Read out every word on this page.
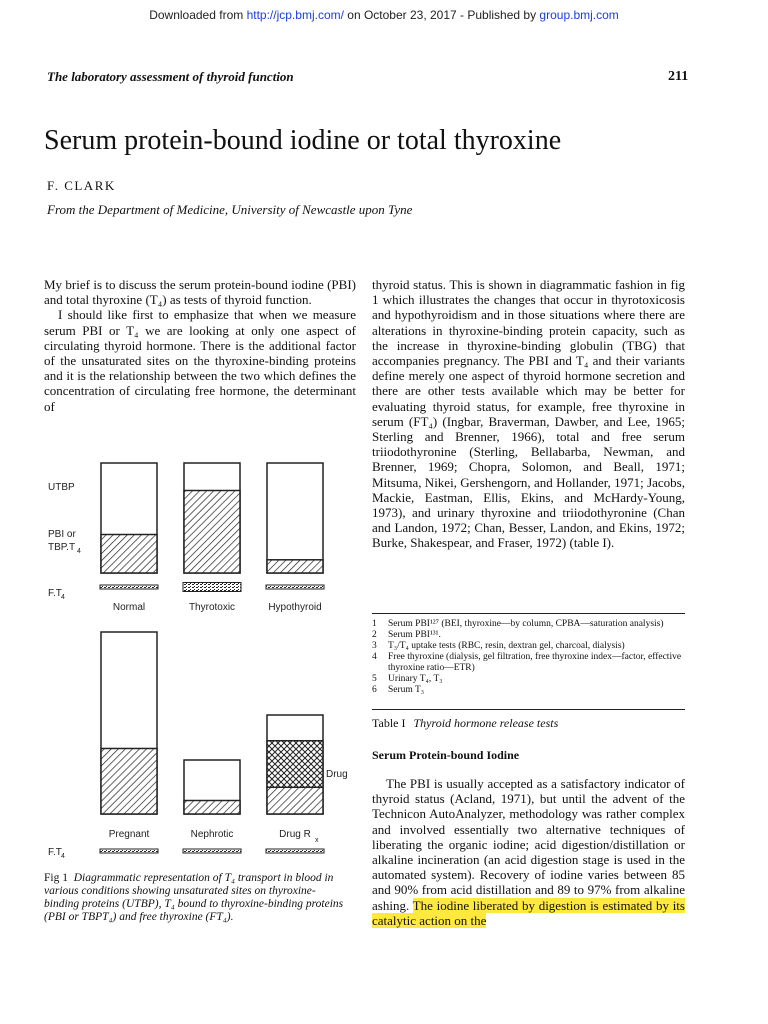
Downloaded from http://jcp.bmj.com/ on October 23, 2017 - Published by group.bmj.com
The laboratory assessment of thyroid function	211
Serum protein-bound iodine or total thyroxine
F. CLARK
From the Department of Medicine, University of Newcastle upon Tyne

My brief is to discuss the serum protein-bound iodine (PBI) and total thyroxine (T₄) as tests of thyroid function.

I should like first to emphasize that when we measure serum PBI or T₄ we are looking at only one aspect of circulating thyroid hormone. There is the additional factor of the unsaturated sites on the thyroxine-binding proteins and it is the relationship between the two which defines the concentration of circulating free hormone, the determinant of

thyroid status. This is shown in diagrammatic fashion in fig 1 which illustrates the changes that occur in thyrotoxicosis and hypothyroidism and in those situations where there are alterations in thyroxine-binding protein capacity, such as the increase in thyroxine-binding globulin (TBG) that accompanies pregnancy. The PBI and T₄ and their variants define merely one aspect of thyroid hormone secretion and there are other tests available which may be better for evaluating thyroid status, for example, free thyroxine in serum (FT₄) (Ingbar, Braverman, Dawber, and Lee, 1965; Sterling and Brenner, 1966), total and free serum triiodothyronine (Sterling, Bellabarba, Newman, and Brenner, 1969; Chopra, Solomon, and Beall, 1971; Mitsuma, Nikei, Gershengorn, and Hollander, 1971; Jacobs, Mackie, Eastman, Ellis, Ekins, and McHardy-Young, 1973), and urinary thyroxine and triiodothyronine (Chan and Landon, 1972; Chan, Besser, Landon, and Ekins, 1972; Burke, Shakespear, and Fraser, 1972) (table I).

UTBP
PBI or
TBP.T 4
F.T 4
F.T 4
Normal	Thyrotoxic	Hypothyroid
Pregnant	Nephrotic	Drug R
x
Drug
Fig 1 Diagrammatic representation of T₄ transport in blood in various conditions showing unsaturated sites on thyroxine-binding proteins (UTBP), T₄ bound to thyroxine-binding proteins (PBI or TBPT₄) and free thyroxine (FT₄).
1	Serum PBI¹²⁷ (BEI, thyroxine—by column, CPBA—saturation analysis)
2	Serum PBI¹³¹.
3	T₃/T₄ uptake tests (RBC, resin, dextran gel, charcoal, dialysis)
4	Free thyroxine (dialysis, gel filtration, free thyroxine index—factor, effective thyroxine ratio—ETR)
5	Urinary T₄, T₃
6	Serum T₃
Table I Thyroid hormone release tests
Serum Protein-bound Iodine

The PBI is usually accepted as a satisfactory indicator of thyroid status (Acland, 1971), but until the advent of the Technicon AutoAnalyzer, methodology was rather complex and involved essentially two alternative techniques of liberating the organic iodine; acid digestion/distillation or alkaline incineration (an acid digestion stage is used in the automated system). Recovery of iodine varies between 85 and 90% from acid distillation and 89 to 97% from alkaline ashing. The iodine liberated by digestion is estimated by its catalytic action on the
